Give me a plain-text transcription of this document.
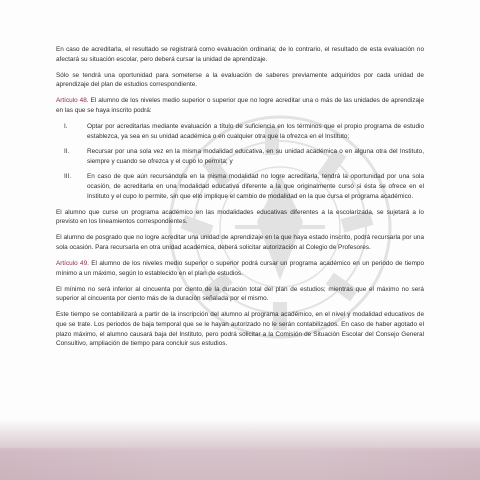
En caso de acreditarla, el resultado se registrará como evaluación ordinaria; de lo contrario, el resultado de esta evaluación no afectará su situación escolar, pero deberá cursar la unidad de aprendizaje.

Sólo se tendrá una oportunidad para someterse a la evaluación de saberes previamente adquiridos por cada unidad de aprendizaje del plan de estudios correspondiente.

Artículo 48. El alumno de los niveles medio superior o superior que no logre acreditar una o más de las unidades de aprendizaje en las que se haya inscrito podrá:

I.	Optar por acreditarlas mediante evaluación a título de suficiencia en los términos que el propio programa de estudio establezca, ya sea en su unidad académica o en cualquier otra que la ofrezca en el Instituto;
II.	Recursar por una sola vez en la misma modalidad educativa, en su unidad académica o en alguna otra del Instituto, siempre y cuando se ofrezca y el cupo lo permita; y
III.	En caso de que aún recursándola en la misma modalidad no logre acreditarla, tendrá la oportunidad por una sola ocasión, de acreditarla en una modalidad educativa diferente a la que originalmente cursó si ésta se ofrece en el Instituto y el cupo lo permite, sin que ello implique el cambio de modalidad en la que cursa el programa académico.

El alumno que curse un programa académico en las modalidades educativas diferentes a la escolarizada, se sujetará a lo previsto en los lineamientos correspondientes.

El alumno de posgrado que no logre acreditar una unidad de aprendizaje en la que haya estado inscrito, podrá recursarla por una sola ocasión. Para recursarla en otra unidad académica, deberá solicitar autorización al Colegio de Profesores.

Artículo 49. El alumno de los niveles medio superior o superior podrá cursar un programa académico en un periodo de tiempo mínimo a un máximo, según lo establecido en el plan de estudios.

El mínimo no será inferior al cincuenta por ciento de la duración total del plan de estudios; mientras que el máximo no será superior al cincuenta por ciento más de la duración señalada por el mismo.

Este tiempo se contabilizará a partir de la inscripción del alumno al programa académico, en el nivel y modalidad educativos de que se trate. Los periodos de baja temporal que se le hayan autorizado no le serán contabilizados. En caso de haber agotado el plazo máximo, el alumno causará baja del Instituto, pero podrá solicitar a la Comisión de Situación Escolar del Consejo General Consultivo, ampliación de tiempo para concluir sus estudios.
